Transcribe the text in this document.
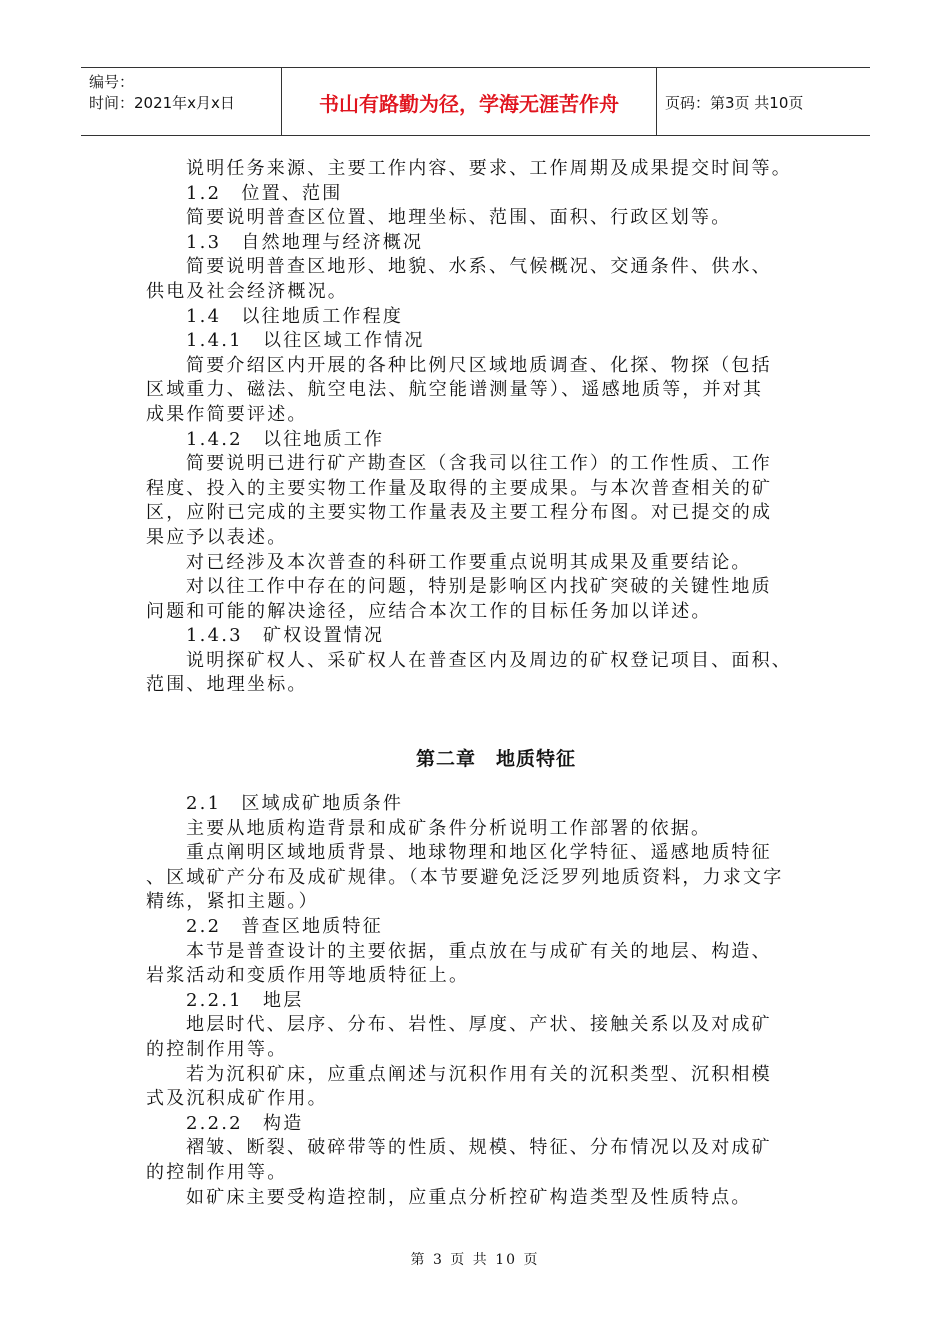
编号：
时间：2021年x月x日	书山有路勤为径，学海无涯苦作舟	页码：第3页 共10页
说明任务来源、主要工作内容、要求、工作周期及成果提交时间等。
1.2　位置、范围
简要说明普查区位置、地理坐标、范围、面积、行政区划等。
1.3　自然地理与经济概况
简要说明普查区地形、地貌、水系、气候概况、交通条件、供水、
供电及社会经济概况。
1.4　以往地质工作程度
1.4.1　以往区域工作情况
简要介绍区内开展的各种比例尺区域地质调查、化探、物探（包括
区域重力、磁法、航空电法、航空能谱测量等）、遥感地质等，并对其
成果作简要评述。
1.4.2　以往地质工作
简要说明已进行矿产勘查区（含我司以往工作）的工作性质、工作
程度、投入的主要实物工作量及取得的主要成果。与本次普查相关的矿
区，应附已完成的主要实物工作量表及主要工程分布图。对已提交的成
果应予以表述。
对已经涉及本次普查的科研工作要重点说明其成果及重要结论。
对以往工作中存在的问题，特别是影响区内找矿突破的关键性地质
问题和可能的解决途径，应结合本次工作的目标任务加以详述。
1.4.3　矿权设置情况
说明探矿权人、采矿权人在普查区内及周边的矿权登记项目、面积、
范围、地理坐标。
第二章　地质特征
2.1　区域成矿地质条件
主要从地质构造背景和成矿条件分析说明工作部署的依据。
重点阐明区域地质背景、地球物理和地区化学特征、遥感地质特征
、区域矿产分布及成矿规律。（本节要避免泛泛罗列地质资料，力求文字
精练，紧扣主题。）
2.2　普查区地质特征
本节是普查设计的主要依据，重点放在与成矿有关的地层、构造、
岩浆活动和变质作用等地质特征上。
2.2.1　地层
地层时代、层序、分布、岩性、厚度、产状、接触关系以及对成矿
的控制作用等。
若为沉积矿床，应重点阐述与沉积作用有关的沉积类型、沉积相模
式及沉积成矿作用。
2.2.2　构造
褶皱、断裂、破碎带等的性质、规模、特征、分布情况以及对成矿
的控制作用等。
如矿床主要受构造控制，应重点分析控矿构造类型及性质特点。
第 3 页 共 10 页
